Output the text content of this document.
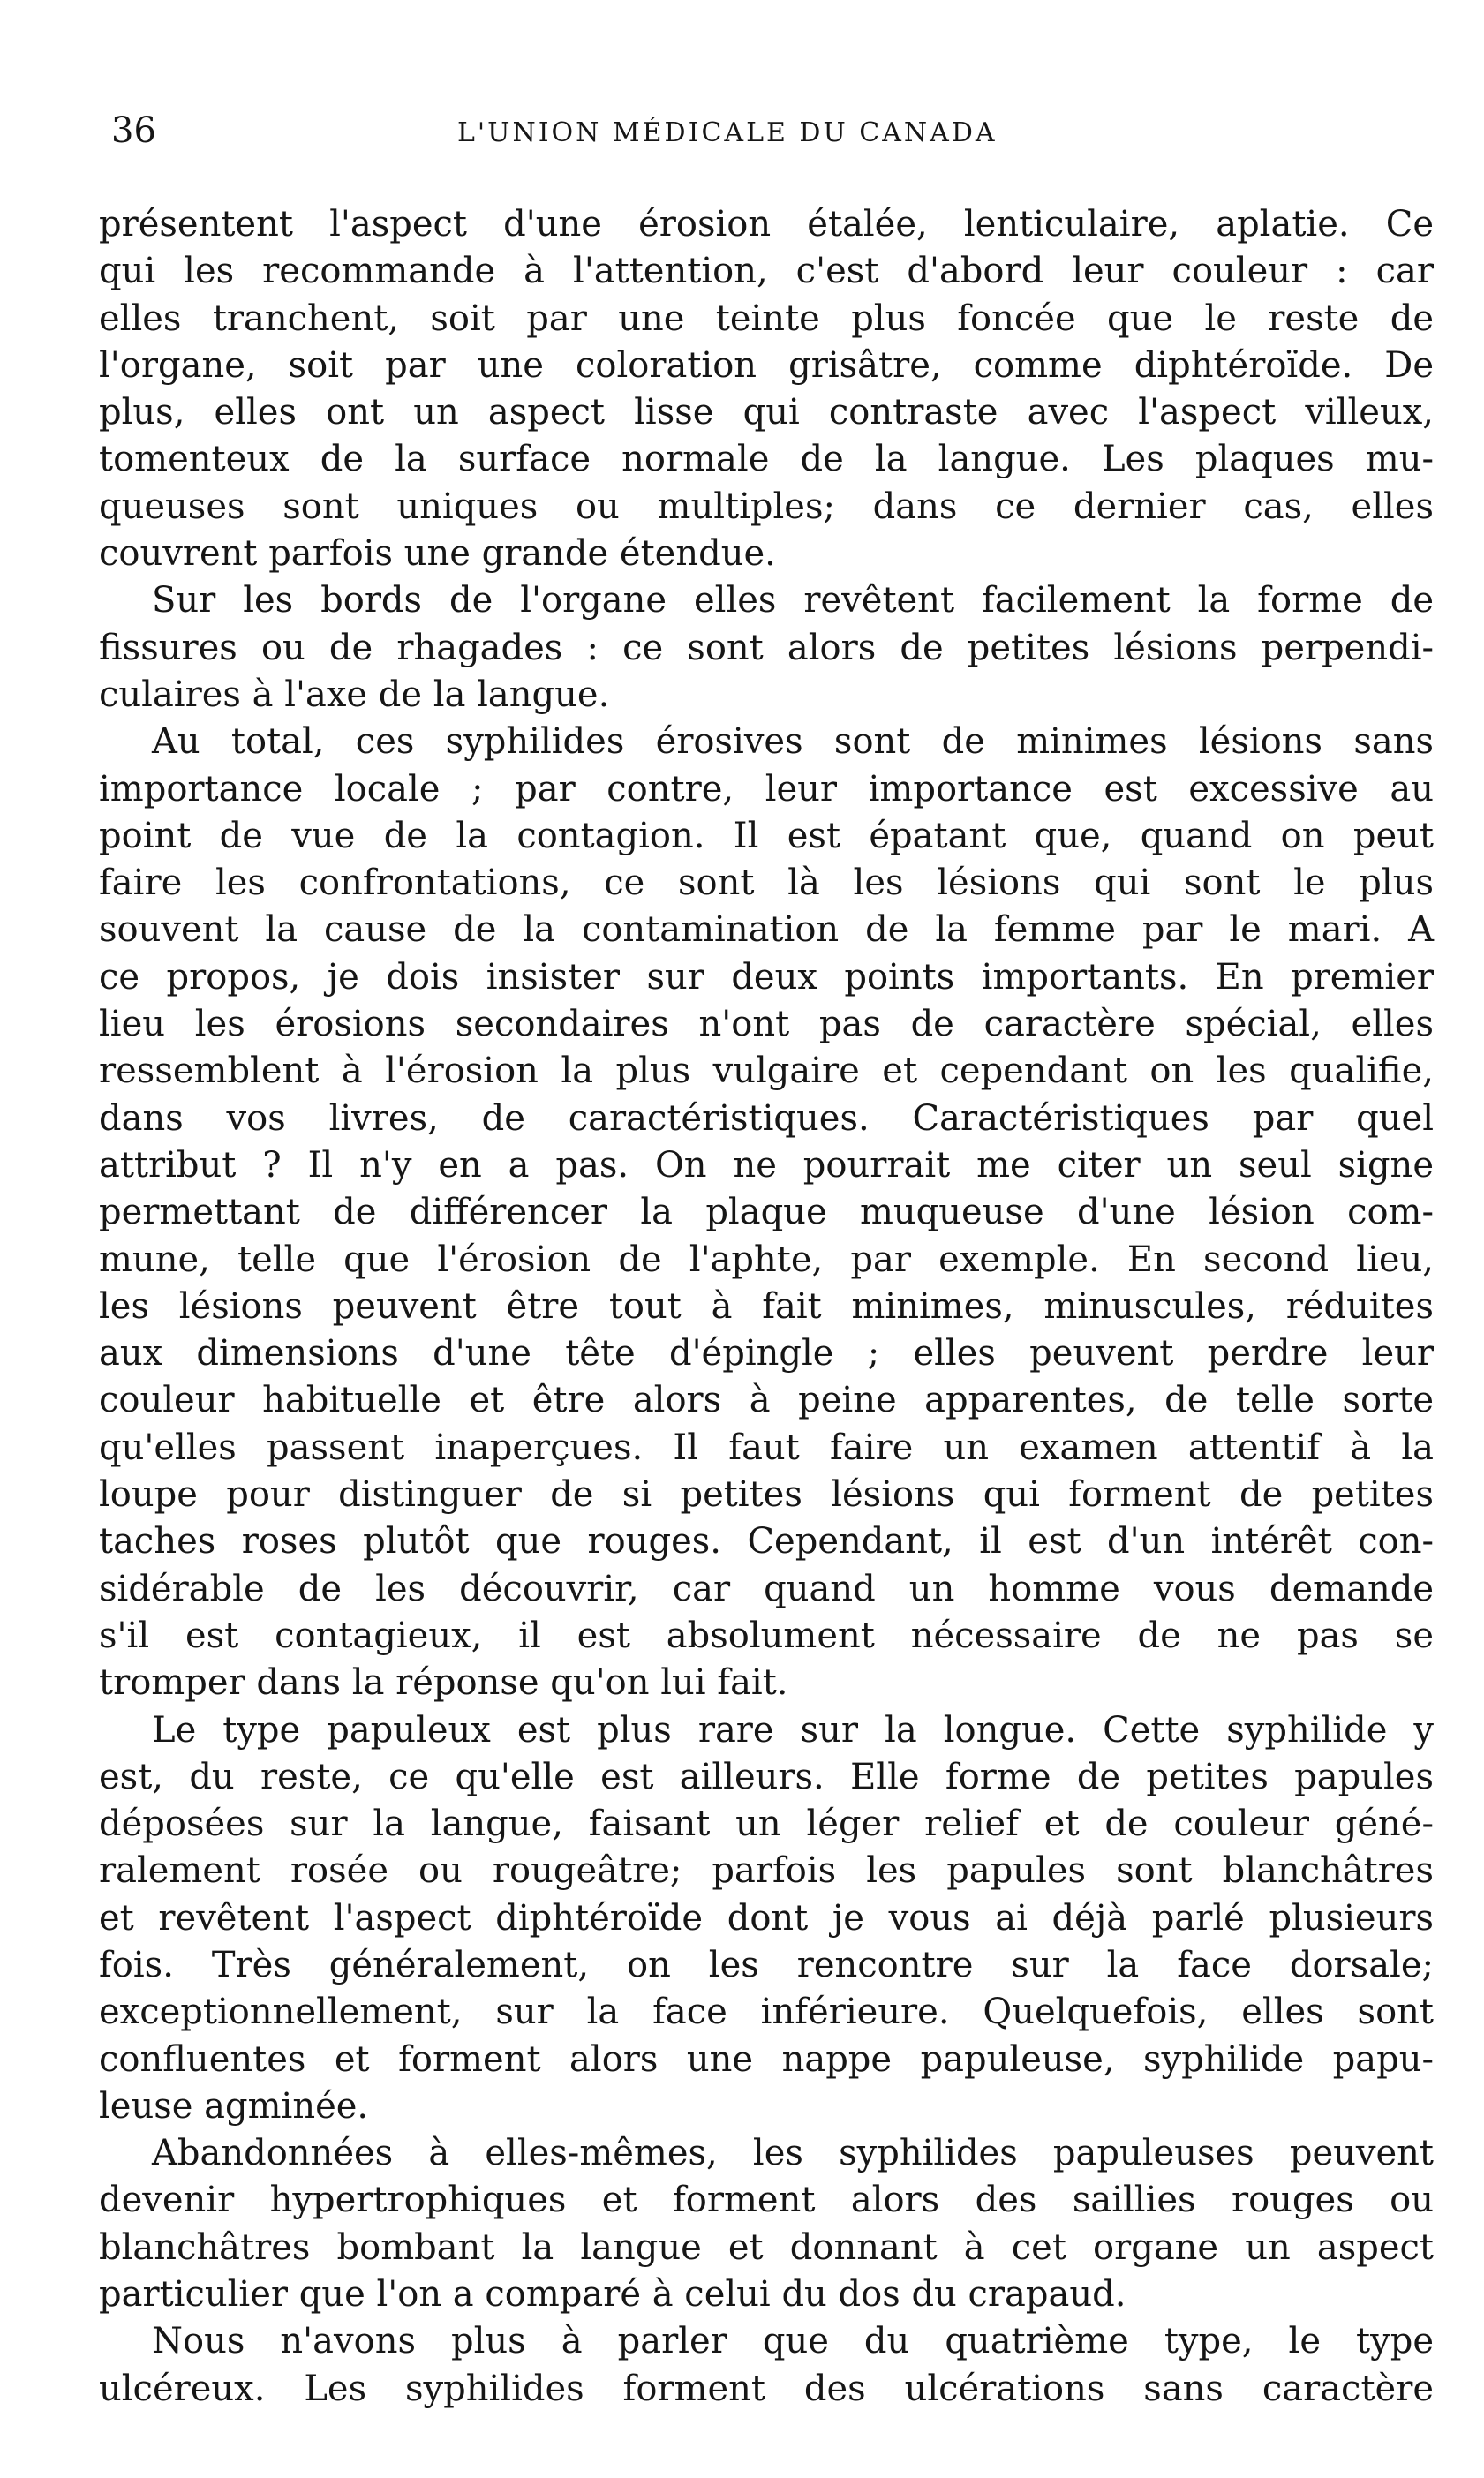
36	L'UNION MÉDICALE DU CANADA
présentent l'aspect d'une érosion étalée, lenticulaire, aplatie. Ce
qui les recommande à l'attention, c'est d'abord leur couleur : car
elles tranchent, soit par une teinte plus foncée que le reste de
l'organe, soit par une coloration grisâtre, comme diphtéroïde. De
plus, elles ont un aspect lisse qui contraste avec l'aspect villeux,
tomenteux de la surface normale de la langue. Les plaques mu-
queuses sont uniques ou multiples; dans ce dernier cas, elles
couvrent parfois une grande étendue.
Sur les bords de l'organe elles revêtent facilement la forme de
fissures ou de rhagades : ce sont alors de petites lésions perpendi-
culaires à l'axe de la langue.
Au total, ces syphilides érosives sont de minimes lésions sans
importance locale ; par contre, leur importance est excessive au
point de vue de la contagion. Il est épatant que, quand on peut
faire les confrontations, ce sont là les lésions qui sont le plus
souvent la cause de la contamination de la femme par le mari. A
ce propos, je dois insister sur deux points importants. En premier
lieu les érosions secondaires n'ont pas de caractère spécial, elles
ressemblent à l'érosion la plus vulgaire et cependant on les qualifie,
dans vos livres, de caractéristiques. Caractéristiques par quel
attribut ? Il n'y en a pas. On ne pourrait me citer un seul signe
permettant de différencer la plaque muqueuse d'une lésion com-
mune, telle que l'érosion de l'aphte, par exemple. En second lieu,
les lésions peuvent être tout à fait minimes, minuscules, réduites
aux dimensions d'une tête d'épingle ; elles peuvent perdre leur
couleur habituelle et être alors à peine apparentes, de telle sorte
qu'elles passent inaperçues. Il faut faire un examen attentif à la
loupe pour distinguer de si petites lésions qui forment de petites
taches roses plutôt que rouges. Cependant, il est d'un intérêt con-
sidérable de les découvrir, car quand un homme vous demande
s'il est contagieux, il est absolument nécessaire de ne pas se
tromper dans la réponse qu'on lui fait.
Le type papuleux est plus rare sur la longue. Cette syphilide y
est, du reste, ce qu'elle est ailleurs. Elle forme de petites papules
déposées sur la langue, faisant un léger relief et de couleur géné-
ralement rosée ou rougeâtre; parfois les papules sont blanchâtres
et revêtent l'aspect diphtéroïde dont je vous ai déjà parlé plusieurs
fois. Très généralement, on les rencontre sur la face dorsale;
exceptionnellement, sur la face inférieure. Quelquefois, elles sont
confluentes et forment alors une nappe papuleuse, syphilide papu-
leuse agminée.
Abandonnées à elles-mêmes, les syphilides papuleuses peuvent
devenir hypertrophiques et forment alors des saillies rouges ou
blanchâtres bombant la langue et donnant à cet organe un aspect
particulier que l'on a comparé à celui du dos du crapaud.
Nous n'avons plus à parler que du quatrième type, le type
ulcéreux. Les syphilides forment des ulcérations sans caractère
